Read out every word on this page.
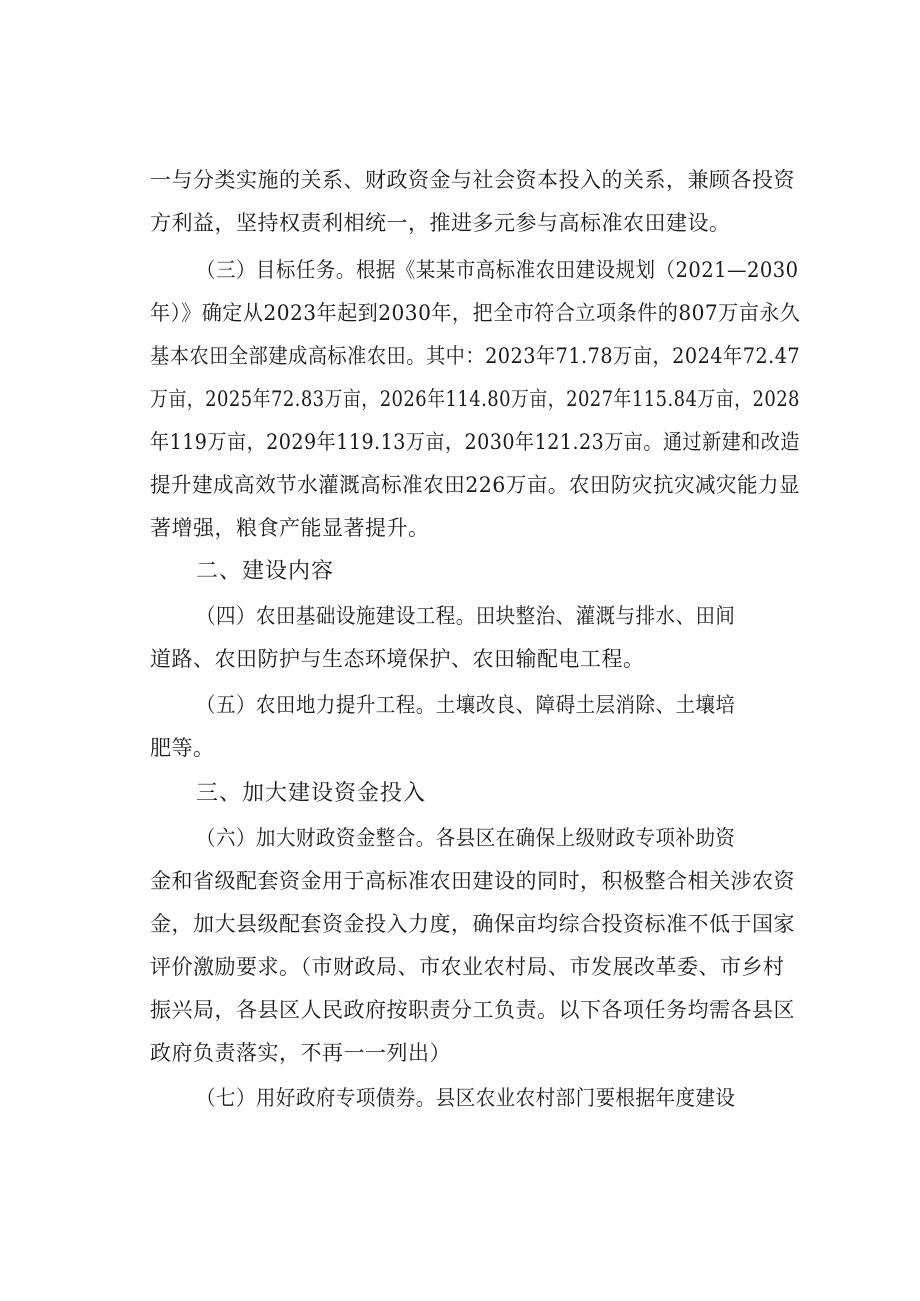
一与分类实施的关系、财政资金与社会资本投入的关系，兼顾各投资
方利益，坚持权责利相统一，推进多元参与高标准农田建设。
（三）目标任务。根据《某某市高标准农田建设规划（2021—2030
年）》确定从2023年起到2030年，把全市符合立项条件的807万亩永久
基本农田全部建成高标准农田。其中：2023年71.78万亩，2024年72.47
万亩，2025年72.83万亩，2026年114.80万亩，2027年115.84万亩，2028
年119万亩，2029年119.13万亩，2030年121.23万亩。通过新建和改造
提升建成高效节水灌溉高标准农田226万亩。农田防灾抗灾减灾能力显
著增强，粮食产能显著提升。
二、建设内容
（四）农田基础设施建设工程。田块整治、灌溉与排水、田间
道路、农田防护与生态环境保护、农田输配电工程。
（五）农田地力提升工程。土壤改良、障碍土层消除、土壤培
肥等。
三、加大建设资金投入
（六）加大财政资金整合。各县区在确保上级财政专项补助资
金和省级配套资金用于高标准农田建设的同时，积极整合相关涉农资
金，加大县级配套资金投入力度，确保亩均综合投资标准不低于国家
评价激励要求。（市财政局、市农业农村局、市发展改革委、市乡村
振兴局，各县区人民政府按职责分工负责。以下各项任务均需各县区
政府负责落实，不再一一列出）
（七）用好政府专项债券。县区农业农村部门要根据年度建设
